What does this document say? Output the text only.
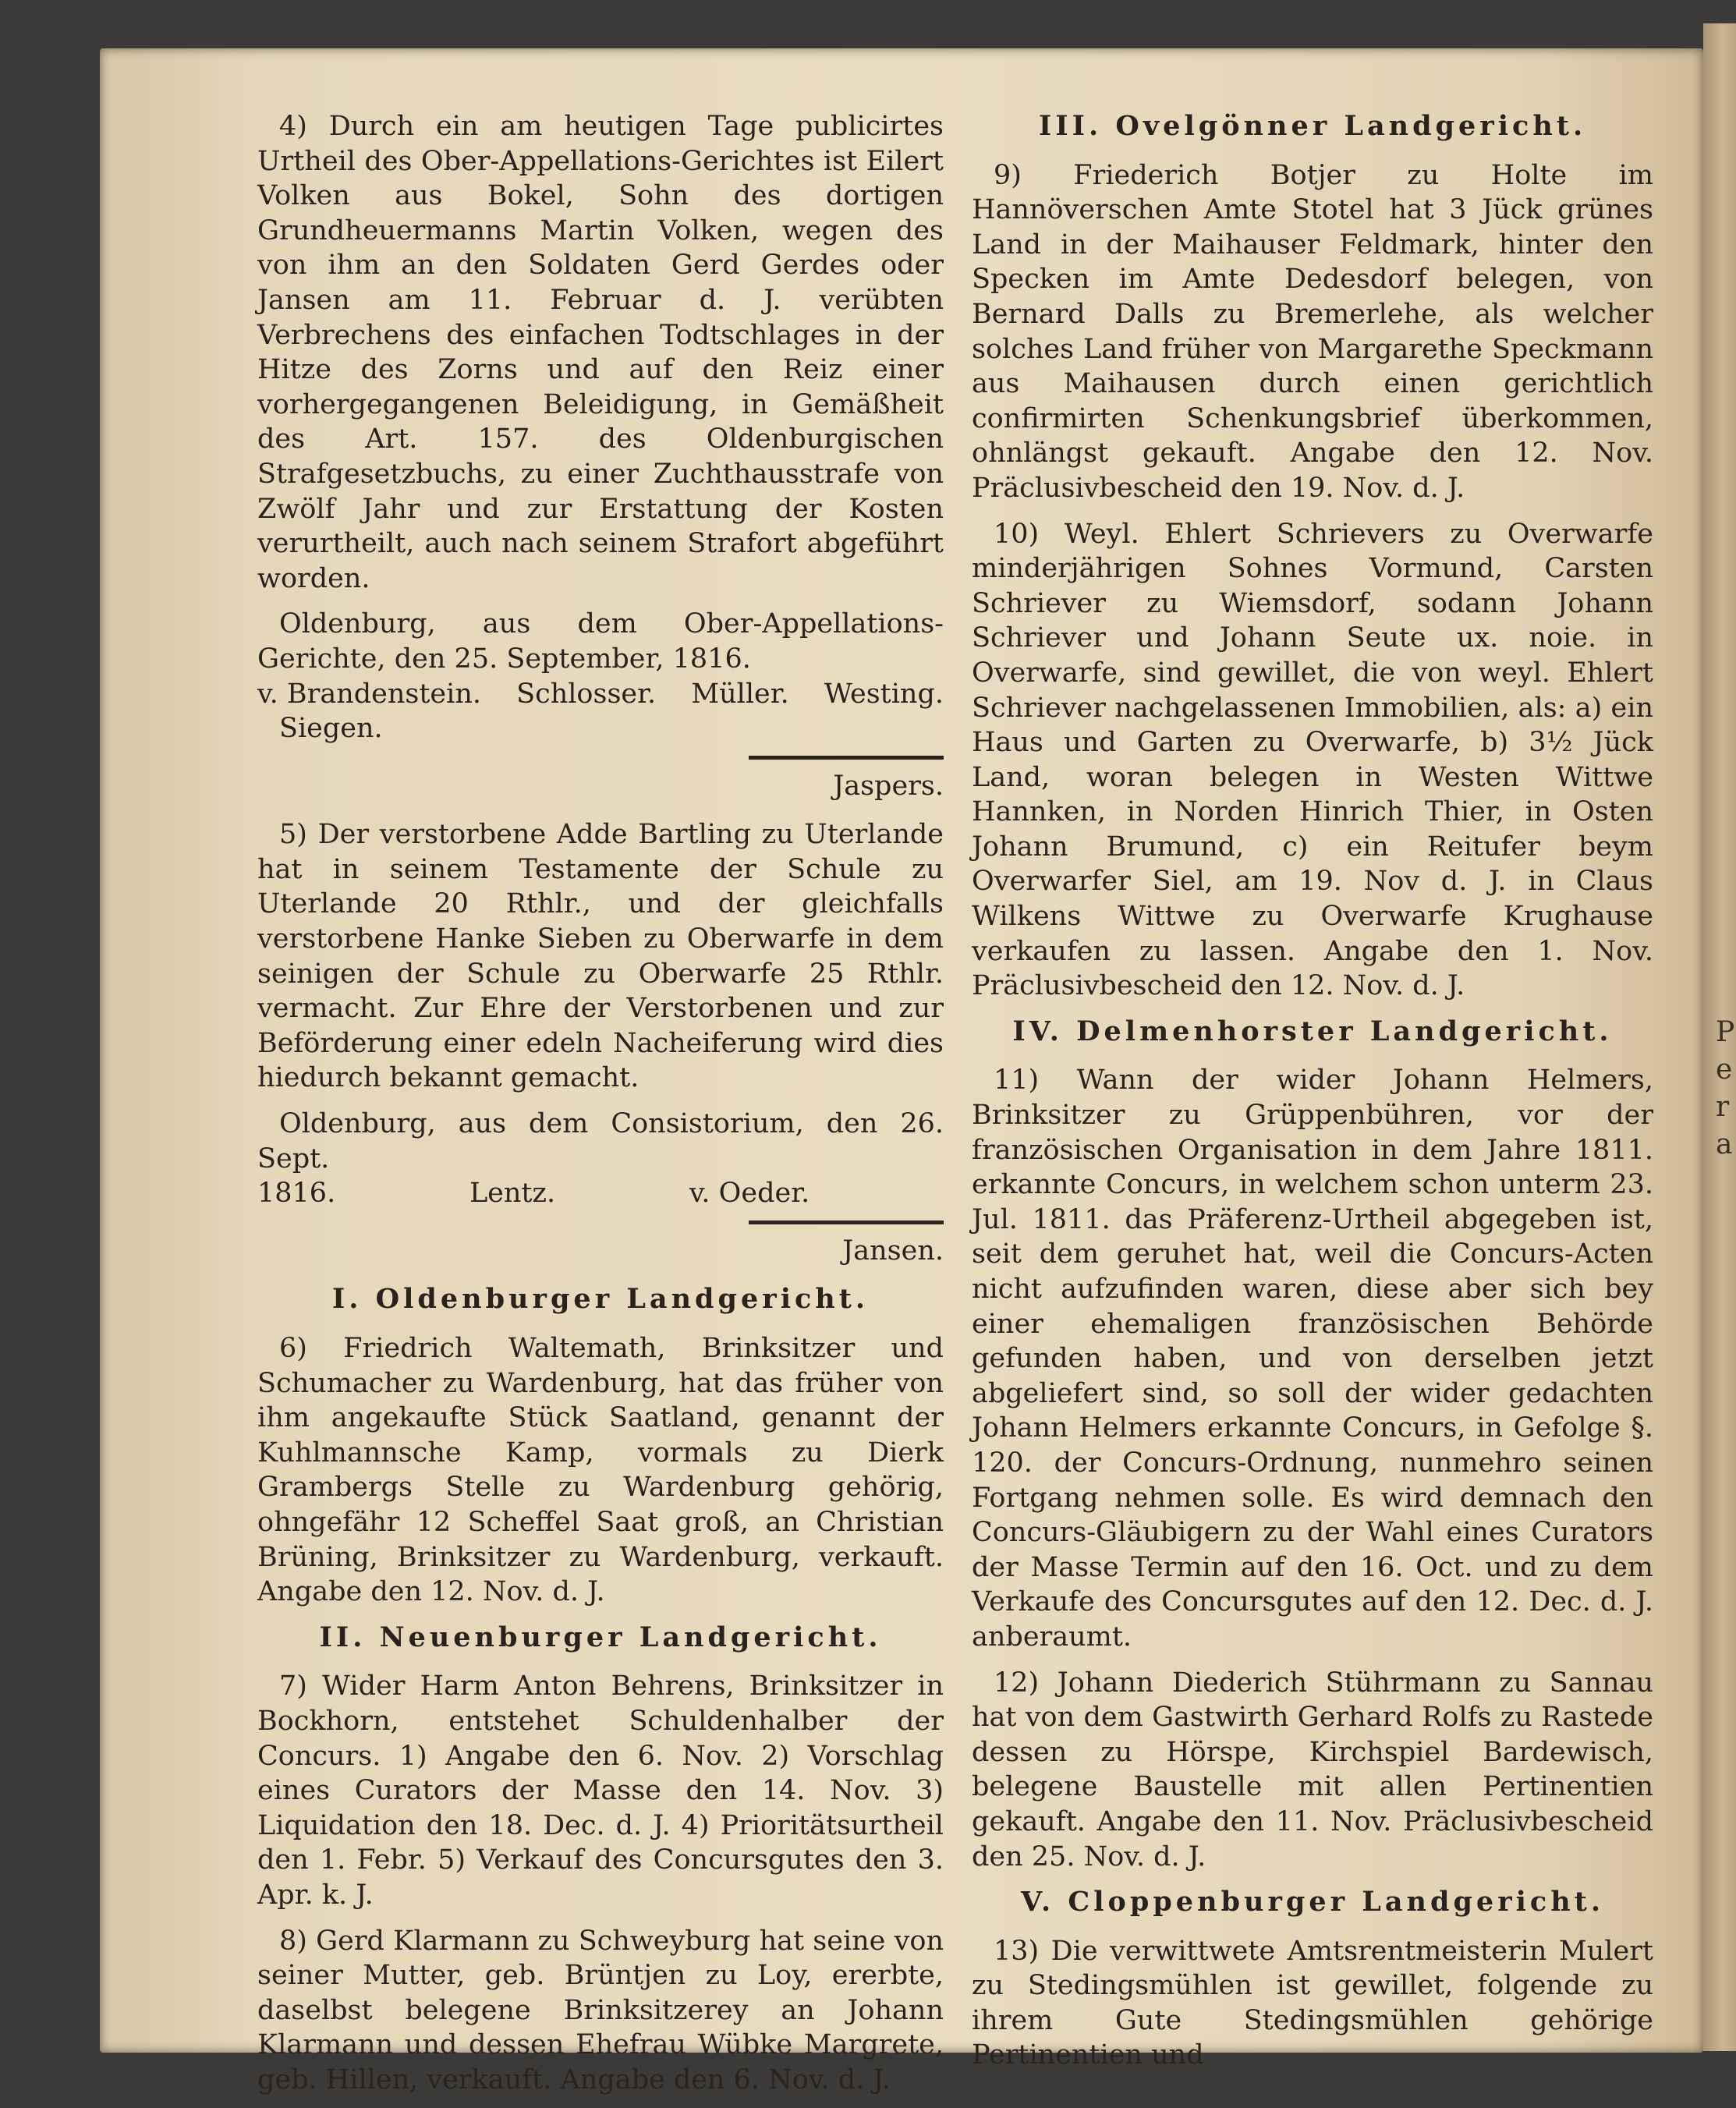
Pera

4) Durch ein am heutigen Tage publicirtes Urtheil des Ober-Appellations-Gerichtes ist Eilert Volken aus Bokel, Sohn des dortigen Grundheuermanns Martin Volken, wegen des von ihm an den Soldaten Gerd Gerdes oder Jansen am 11. Februar d. J. verübten Verbrechens des einfachen Todtschlages in der Hitze des Zorns und auf den Reiz einer vorhergegangenen Beleidigung, in Gemäßheit des Art. 157. des Oldenburgischen Strafgesetzbuchs, zu einer Zuchthausstrafe von Zwölf Jahr und zur Erstattung der Kosten verurtheilt, auch nach seinem Strafort abgeführt worden.

Oldenburg, aus dem Ober-Appellations-Gerichte, den 25. September, 1816.

v. Brandenstein. Schlosser. Müller. Westing.

Siegen.

Jaspers.

5) Der verstorbene Adde Bartling zu Uterlande hat in seinem Testamente der Schule zu Uterlande 20 Rthlr., und der gleichfalls verstorbene Hanke Sieben zu Oberwarfe in dem seinigen der Schule zu Oberwarfe 25 Rthlr. vermacht. Zur Ehre der Verstorbenen und zur Beförderung einer edeln Nacheiferung wird dies hiedurch bekannt gemacht.

Oldenburg, aus dem Consistorium, den 26. Sept.

1816.	Lentz.	v. Oeder.

Jansen.

I. Oldenburger Landgericht.

6) Friedrich Waltemath, Brinksitzer und Schumacher zu Wardenburg, hat das früher von ihm angekaufte Stück Saatland, genannt der Kuhlmannsche Kamp, vormals zu Dierk Grambergs Stelle zu Wardenburg gehörig, ohngefähr 12 Scheffel Saat groß, an Christian Brüning, Brinksitzer zu Wardenburg, verkauft. Angabe den 12. Nov. d. J.

II. Neuenburger Landgericht.

7) Wider Harm Anton Behrens, Brinksitzer in Bockhorn, entstehet Schuldenhalber der Concurs. 1) Angabe den 6. Nov. 2) Vorschlag eines Curators der Masse den 14. Nov. 3) Liquidation den 18. Dec. d. J. 4) Prioritätsurtheil den 1. Febr. 5) Verkauf des Concursgutes den 3. Apr. k. J.

8) Gerd Klarmann zu Schweyburg hat seine von seiner Mutter, geb. Brüntjen zu Loy, ererbte, daselbst belegene Brinksitzerey an Johann Klarmann und dessen Ehefrau Wübke Margrete, geb. Hillen, verkauft. Angabe den 6. Nov. d. J.

III. Ovelgönner Landgericht.

9) Friederich Botjer zu Holte im Hannöverschen Amte Stotel hat 3 Jück grünes Land in der Maihauser Feldmark, hinter den Specken im Amte Dedesdorf belegen, von Bernard Dalls zu Bremerlehe, als welcher solches Land früher von Margarethe Speckmann aus Maihausen durch einen gerichtlich confirmirten Schenkungsbrief überkommen, ohnlängst gekauft. Angabe den 12. Nov. Präclusivbescheid den 19. Nov. d. J.

10) Weyl. Ehlert Schrievers zu Overwarfe minderjährigen Sohnes Vormund, Carsten Schriever zu Wiemsdorf, sodann Johann Schriever und Johann Seute ux. noie. in Overwarfe, sind gewillet, die von weyl. Ehlert Schriever nachgelassenen Immobilien, als: a) ein Haus und Garten zu Overwarfe, b) 3½ Jück Land, woran belegen in Westen Wittwe Hannken, in Norden Hinrich Thier, in Osten Johann Brumund, c) ein Reitufer beym Overwarfer Siel, am 19. Nov d. J. in Claus Wilkens Wittwe zu Overwarfe Krughause verkaufen zu lassen. Angabe den 1. Nov. Präclusivbescheid den 12. Nov. d. J.

IV. Delmenhorster Landgericht.

11) Wann der wider Johann Helmers, Brinksitzer zu Grüppenbühren, vor der französischen Organisation in dem Jahre 1811. erkannte Concurs, in welchem schon unterm 23. Jul. 1811. das Präferenz-Urtheil abgegeben ist, seit dem geruhet hat, weil die Concurs-Acten nicht aufzufinden waren, diese aber sich bey einer ehemaligen französischen Behörde gefunden haben, und von derselben jetzt abgeliefert sind, so soll der wider gedachten Johann Helmers erkannte Concurs, in Gefolge §. 120. der Concurs-Ordnung, nunmehro seinen Fortgang nehmen solle. Es wird demnach den Concurs-Gläubigern zu der Wahl eines Curators der Masse Termin auf den 16. Oct. und zu dem Verkaufe des Concursgutes auf den 12. Dec. d. J. anberaumt.

12) Johann Diederich Stührmann zu Sannau hat von dem Gastwirth Gerhard Rolfs zu Rastede dessen zu Hörspe, Kirchspiel Bardewisch, belegene Baustelle mit allen Pertinentien gekauft. Angabe den 11. Nov. Präclusivbescheid den 25. Nov. d. J.

V. Cloppenburger Landgericht.

13) Die verwittwete Amtsrentmeisterin Mulert zu Stedingsmühlen ist gewillet, folgende zu ihrem Gute Stedingsmühlen gehörige Pertinentien und
